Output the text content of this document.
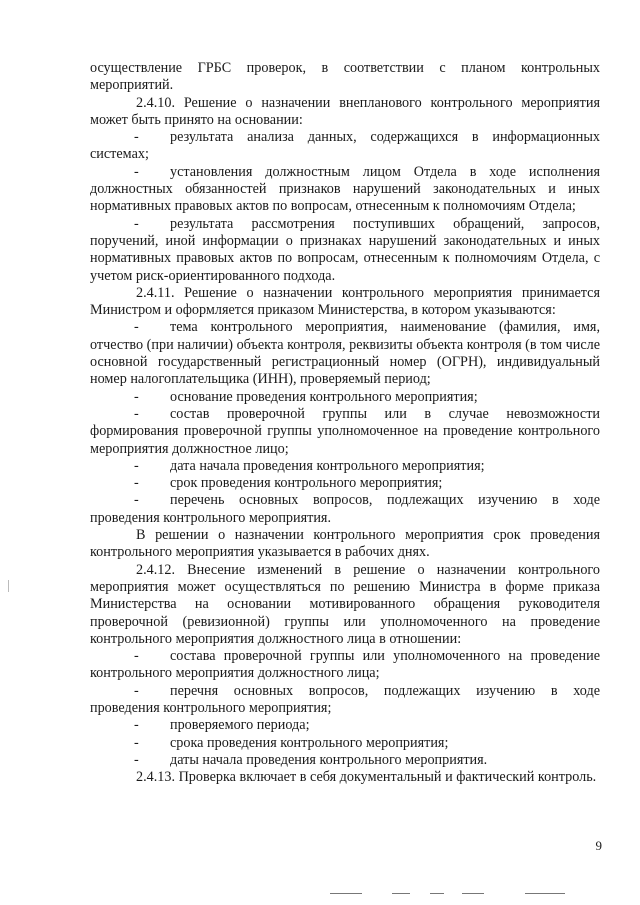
осуществление ГРБС проверок, в соответствии с планом контрольных мероприятий.

2.4.10. Решение о назначении внепланового контрольного мероприятия может быть принято на основании:

- результата анализа данных, содержащихся в информационных системах;

- установления должностным лицом Отдела в ходе исполнения должностных обязанностей признаков нарушений законодательных и иных нормативных правовых актов по вопросам, отнесенным к полномочиям Отдела;

- результата рассмотрения поступивших обращений, запросов, поручений, иной информации о признаках нарушений законодательных и иных нормативных правовых актов по вопросам, отнесенным к полномочиям Отдела, с учетом риск-ориентированного подхода.

2.4.11. Решение о назначении контрольного мероприятия принимается Министром и оформляется приказом Министерства, в котором указываются:

- тема контрольного мероприятия, наименование (фамилия, имя, отчество (при наличии) объекта контроля, реквизиты объекта контроля (в том числе основной государственный регистрационный номер (ОГРН), индивидуальный номер налогоплательщика (ИНН), проверяемый период;

- основание проведения контрольного мероприятия;

- состав проверочной группы или в случае невозможности формирования проверочной группы уполномоченное на проведение контрольного мероприятия должностное лицо;

- дата начала проведения контрольного мероприятия;

- срок проведения контрольного мероприятия;

- перечень основных вопросов, подлежащих изучению в ходе проведения контрольного мероприятия.

В решении о назначении контрольного мероприятия срок проведения контрольного мероприятия указывается в рабочих днях.

2.4.12. Внесение изменений в решение о назначении контрольного мероприятия может осуществляться по решению Министра в форме приказа Министерства на основании мотивированного обращения руководителя проверочной (ревизионной) группы или уполномоченного на проведение контрольного мероприятия должностного лица в отношении:

- состава проверочной группы или уполномоченного на проведение контрольного мероприятия должностного лица;

- перечня основных вопросов, подлежащих изучению в ходе проведения контрольного мероприятия;

- проверяемого периода;

- срока проведения контрольного мероприятия;

- даты начала проведения контрольного мероприятия.

2.4.13. Проверка включает в себя документальный и фактический контроль.

9
